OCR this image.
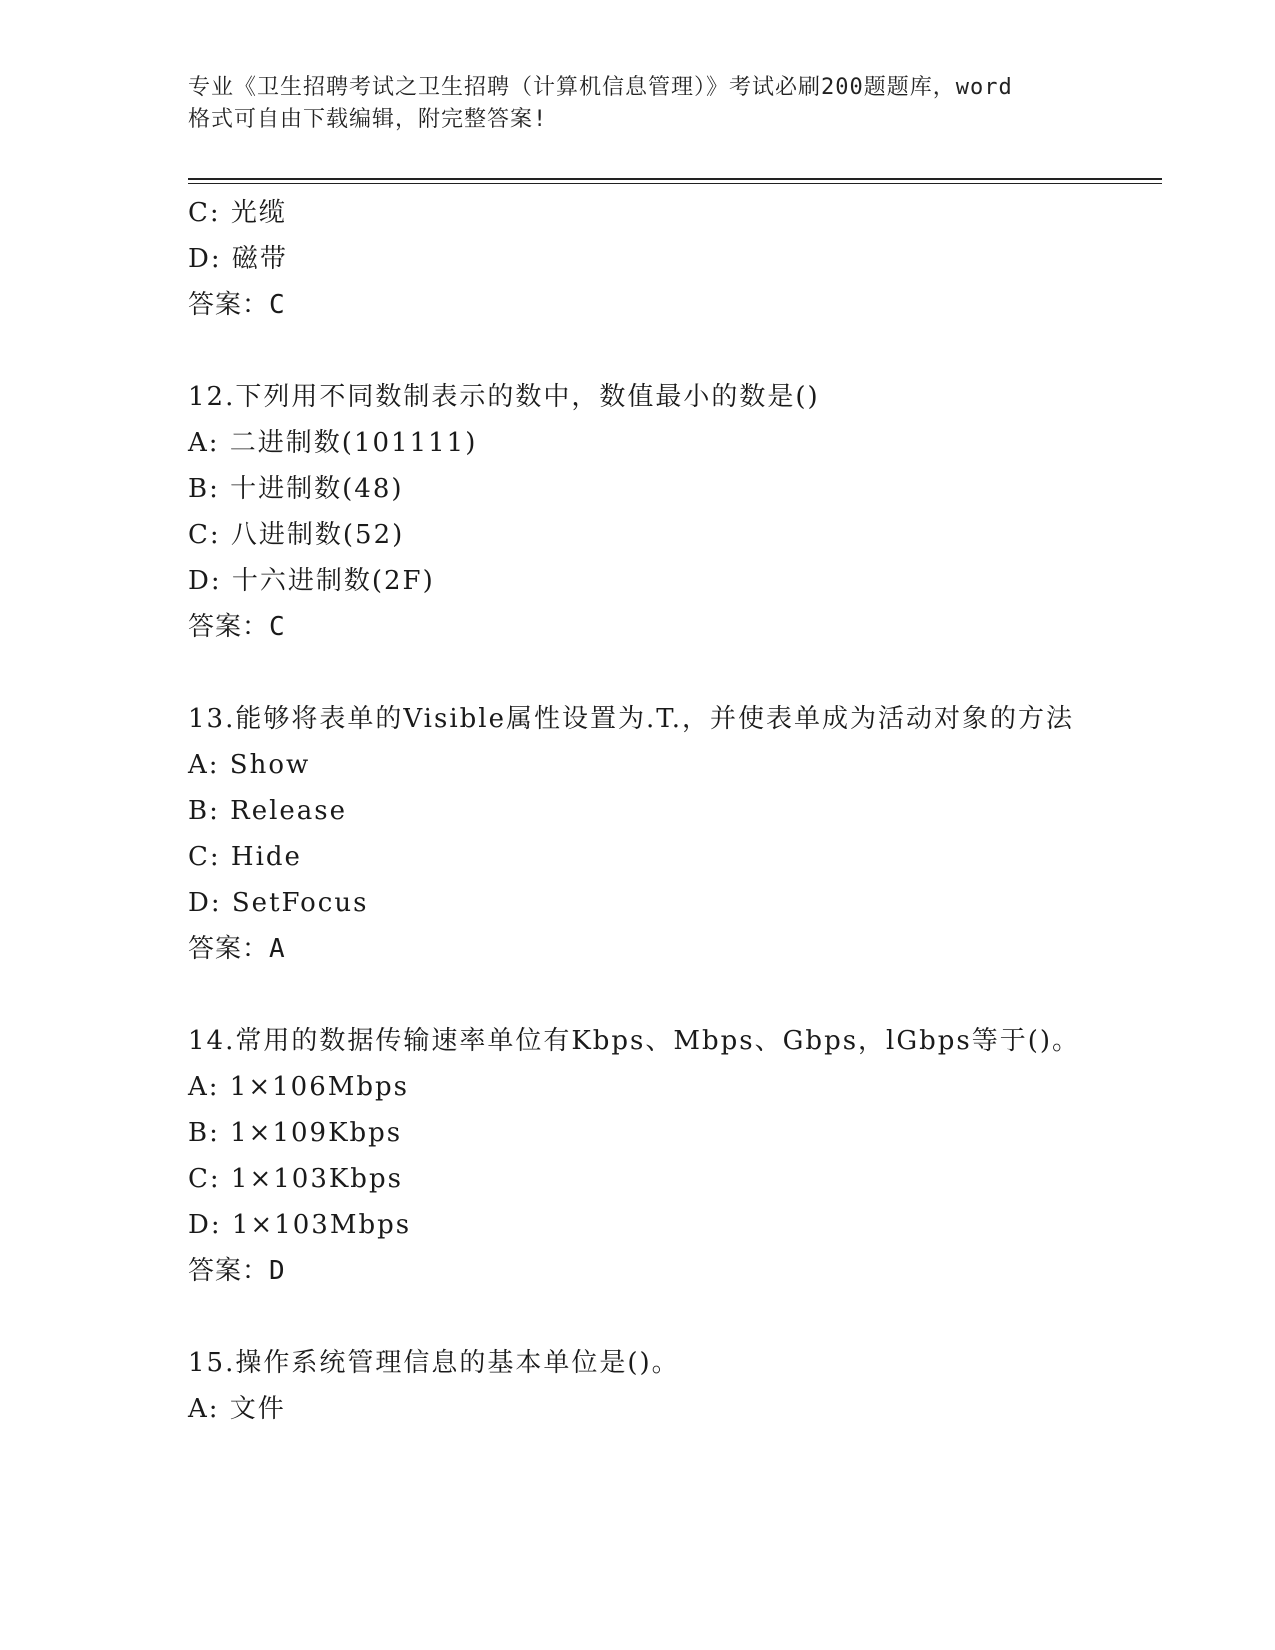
专业《卫生招聘考试之卫生招聘（计算机信息管理）》考试必刷200题题库，word
格式可自由下载编辑，附完整答案!
C: 光缆
D: 磁带
答案：C
12.下列用不同数制表示的数中，数值最小的数是()
A: 二进制数(101111)
B: 十进制数(48)
C: 八进制数(52)
D: 十六进制数(2F)
答案：C
13.能够将表单的Visible属性设置为.T.，并使表单成为活动对象的方法
A: Show
B: Release
C: Hide
D: SetFocus
答案：A
14.常用的数据传输速率单位有Kbps、Mbps、Gbps，lGbps等于()。
A: 1×106Mbps
B: 1×109Kbps
C: 1×103Kbps
D: 1×103Mbps
答案：D
15.操作系统管理信息的基本单位是()。
A: 文件
